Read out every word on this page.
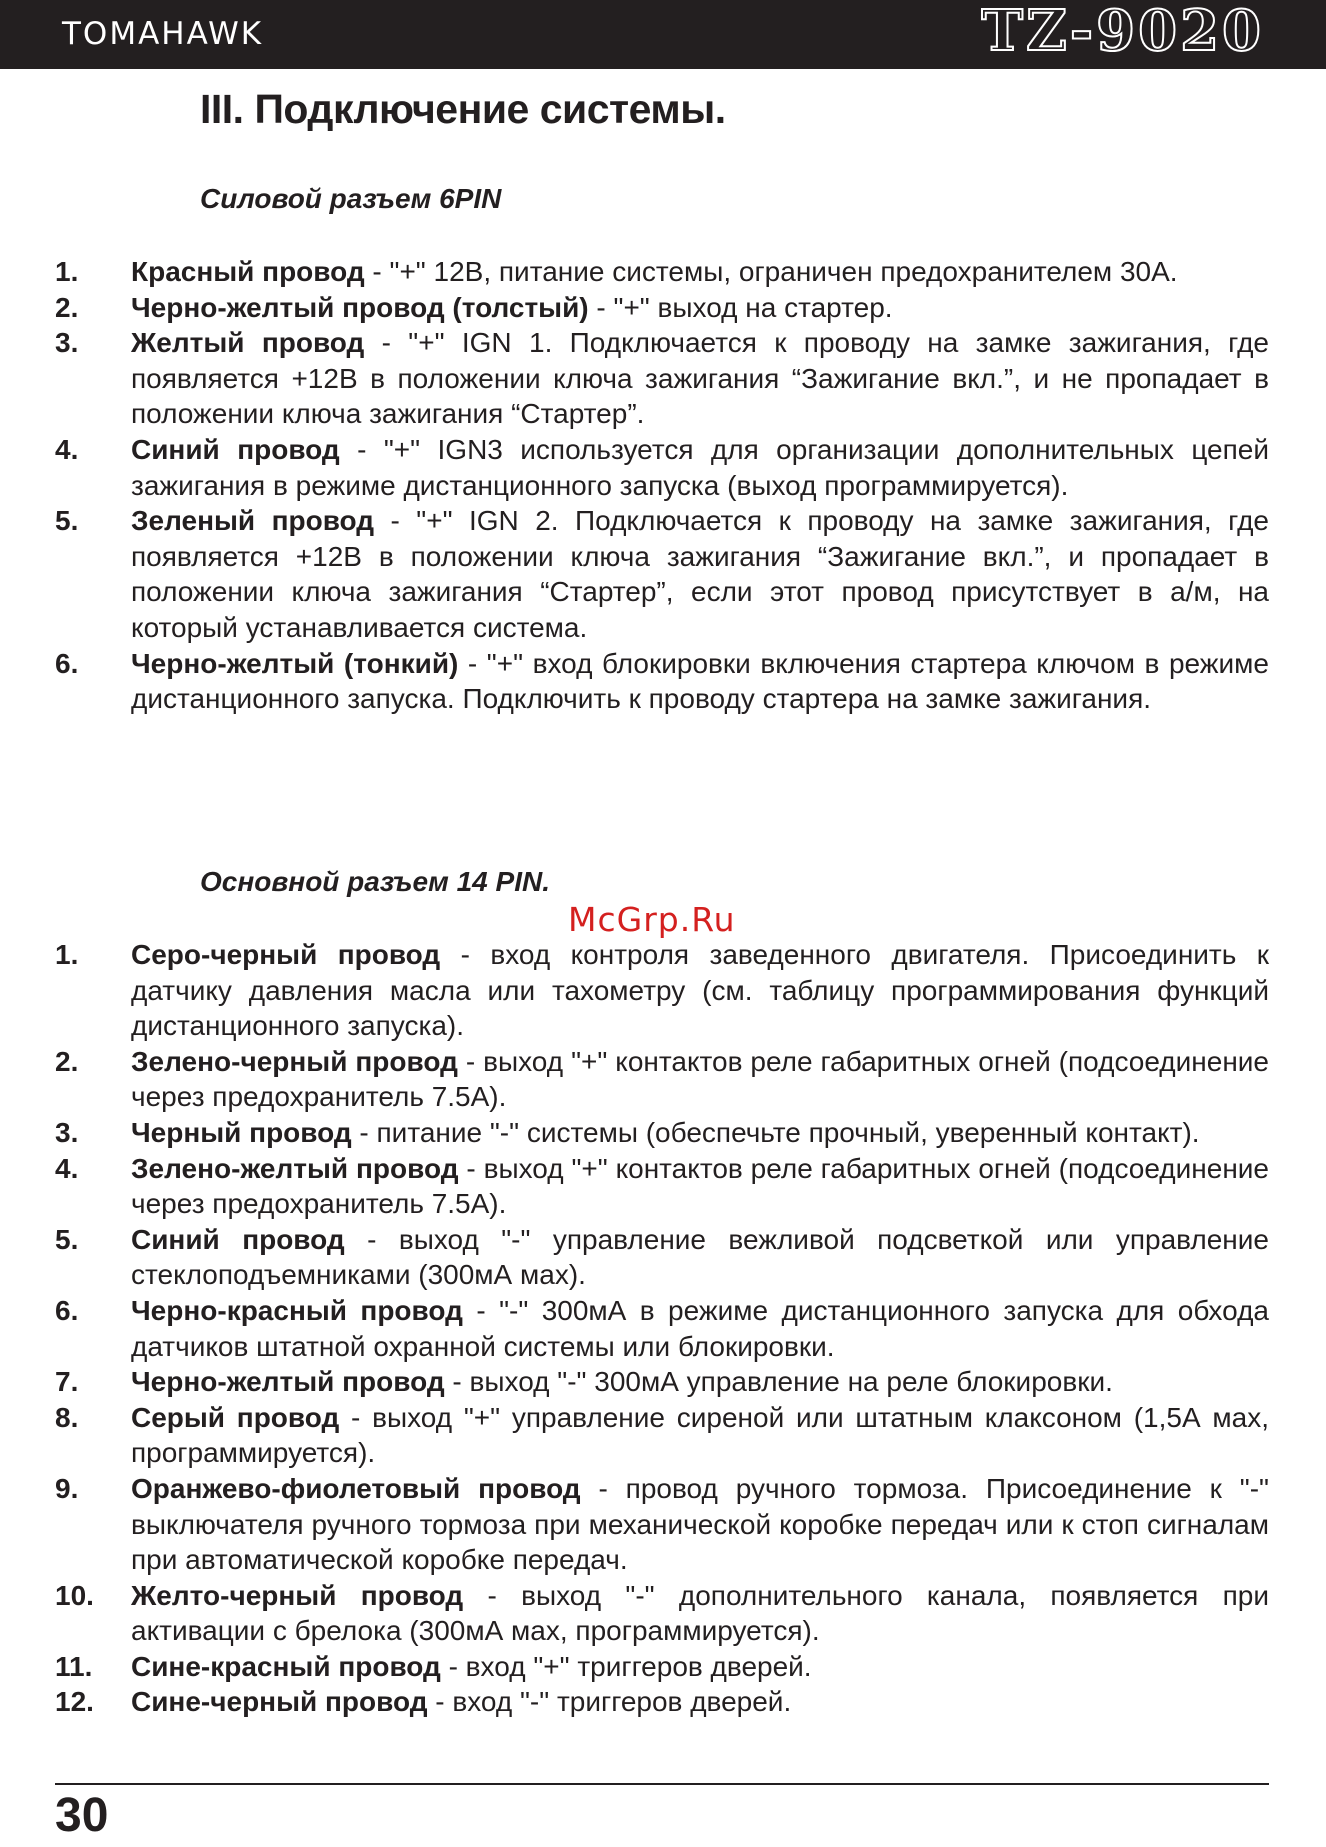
TOMAHAWK	TZ-9020
III. Подключение системы.
Силовой разъем 6PIN
1.	Красный провод - "+" 12В, питание системы, ограничен предохранителем 30А.
2.	Черно-желтый провод (толстый) - "+" выход на стартер.
3.	Желтый провод - "+" IGN 1. Подключается к проводу на замке зажигания, где появляется +12В в положении ключа зажигания “Зажигание вкл.”, и не пропадает в положении ключа зажигания “Стартер”.
4.	Синий провод - "+" IGN3 используется для организации дополнительных цепей зажигания в режиме дистанционного запуска (выход программируется).
5.	Зеленый провод - "+" IGN 2. Подключается к проводу на замке зажигания, где появляется +12В в положении ключа зажигания “Зажигание вкл.”, и пропадает в положении ключа зажигания “Стартер”, если этот провод присутствует в а/м, на который устанавливается система.
6.	Черно-желтый (тонкий) - "+" вход блокировки включения стартера ключом в режиме дистанционного запуска. Подключить к проводу стартера на замке зажигания.
Основной разъем 14 PIN.

McGrp.Ru

1.	Серо-черный провод - вход контроля заведенного двигателя. Присоединить к датчику давления масла или тахометру (см. таблицу программирования функций дистанционного запуска).
2.	Зелено-черный провод - выход "+" контактов реле габаритных огней (подсоединение через предохранитель 7.5А).
3.	Черный провод - питание "-" системы (обеспечьте прочный, уверенный контакт).
4.	Зелено-желтый провод - выход "+" контактов реле габаритных огней (подсоединение через предохранитель 7.5А).
5.	Синий провод - выход "-" управление вежливой подсветкой или управление стеклоподъемниками (300мА мах).
6.	Черно-красный провод - "-" 300мА в режиме дистанционного запуска для обхода датчиков штатной охранной системы или блокировки.
7.	Черно-желтый провод - выход "-" 300мА управление на реле блокировки.
8.	Серый провод - выход "+" управление сиреной или штатным клаксоном (1,5А мах, программируется).
9.	Оранжево-фиолетовый провод - провод ручного тормоза. Присоединение к "-" выключателя ручного тормоза при механической коробке передач или к стоп сигналам при автоматической коробке передач.
10.	Желто-черный провод - выход "-" дополнительного канала, появляется при активации с брелока (300мА мах, программируется).
11.	Сине-красный провод - вход "+" триггеров дверей.
12.	Сине-черный провод - вход "-" триггеров дверей.

30
